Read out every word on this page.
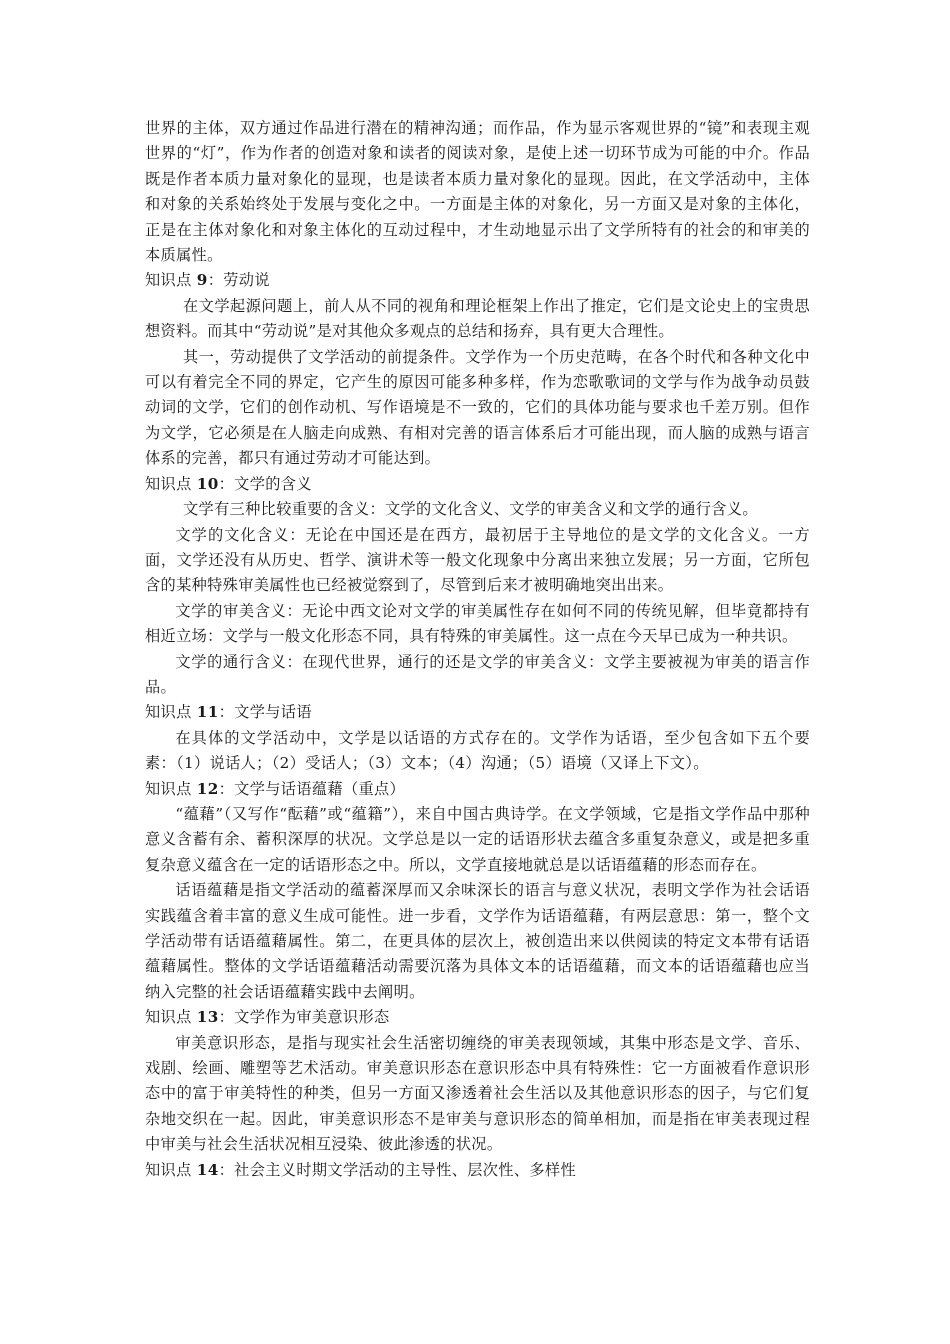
世界的主体，双方通过作品进行潜在的精神沟通；而作品，作为显示客观世界的“镜”和表现主观世界的“灯”，作为作者的创造对象和读者的阅读对象，是使上述一切环节成为可能的中介。作品既是作者本质力量对象化的显现，也是读者本质力量对象化的显现。因此，在文学活动中，主体和对象的关系始终处于发展与变化之中。一方面是主体的对象化，另一方面又是对象的主体化，正是在主体对象化和对象主体化的互动过程中，才生动地显示出了文学所特有的社会的和审美的本质属性。

知识点 9：劳动说

在文学起源问题上，前人从不同的视角和理论框架上作出了推定，它们是文论史上的宝贵思想资料。而其中“劳动说”是对其他众多观点的总结和扬弃，具有更大合理性。

其一，劳动提供了文学活动的前提条件。文学作为一个历史范畴，在各个时代和各种文化中可以有着完全不同的界定，它产生的原因可能多种多样，作为恋歌歌词的文学与作为战争动员鼓动词的文学，它们的创作动机、写作语境是不一致的，它们的具体功能与要求也千差万别。但作为文学，它必须是在人脑走向成熟、有相对完善的语言体系后才可能出现，而人脑的成熟与语言体系的完善，都只有通过劳动才可能达到。

知识点 10：文学的含义

文学有三种比较重要的含义：文学的文化含义、文学的审美含义和文学的通行含义。

文学的文化含义：无论在中国还是在西方，最初居于主导地位的是文学的文化含义。一方面，文学还没有从历史、哲学、演讲术等一般文化现象中分离出来独立发展；另一方面，它所包含的某种特殊审美属性也已经被觉察到了，尽管到后来才被明确地突出出来。

文学的审美含义：无论中西文论对文学的审美属性存在如何不同的传统见解，但毕竟都持有相近立场：文学与一般文化形态不同，具有特殊的审美属性。这一点在今天早已成为一种共识。

文学的通行含义：在现代世界，通行的还是文学的审美含义：文学主要被视为审美的语言作品。

知识点 11：文学与话语

在具体的文学活动中，文学是以话语的方式存在的。文学作为话语，至少包含如下五个要素：（1）说话人；（2）受话人；（3）文本；（4）沟通；（5）语境（又译上下文）。

知识点 12：文学与话语蕴藉（重点）

“蕴藉”（又写作“酝藉”或“蕴籍”），来自中国古典诗学。在文学领域，它是指文学作品中那种意义含蓄有余、蓄积深厚的状况。文学总是以一定的话语形状去蕴含多重复杂意义，或是把多重复杂意义蕴含在一定的话语形态之中。所以，文学直接地就总是以话语蕴藉的形态而存在。

话语蕴藉是指文学活动的蕴蓄深厚而又余味深长的语言与意义状况，表明文学作为社会话语实践蕴含着丰富的意义生成可能性。进一步看，文学作为话语蕴藉，有两层意思：第一，整个文学活动带有话语蕴藉属性。第二，在更具体的层次上，被创造出来以供阅读的特定文本带有话语蕴藉属性。整体的文学话语蕴藉活动需要沉落为具体文本的话语蕴藉，而文本的话语蕴藉也应当纳入完整的社会话语蕴藉实践中去阐明。

知识点 13：文学作为审美意识形态

审美意识形态，是指与现实社会生活密切缠绕的审美表现领域，其集中形态是文学、音乐、戏剧、绘画、雕塑等艺术活动。审美意识形态在意识形态中具有特殊性：它一方面被看作意识形态中的富于审美特性的种类，但另一方面又渗透着社会生活以及其他意识形态的因子，与它们复杂地交织在一起。因此，审美意识形态不是审美与意识形态的简单相加，而是指在审美表现过程中审美与社会生活状况相互浸染、彼此渗透的状况。

知识点 14：社会主义时期文学活动的主导性、层次性、多样性
